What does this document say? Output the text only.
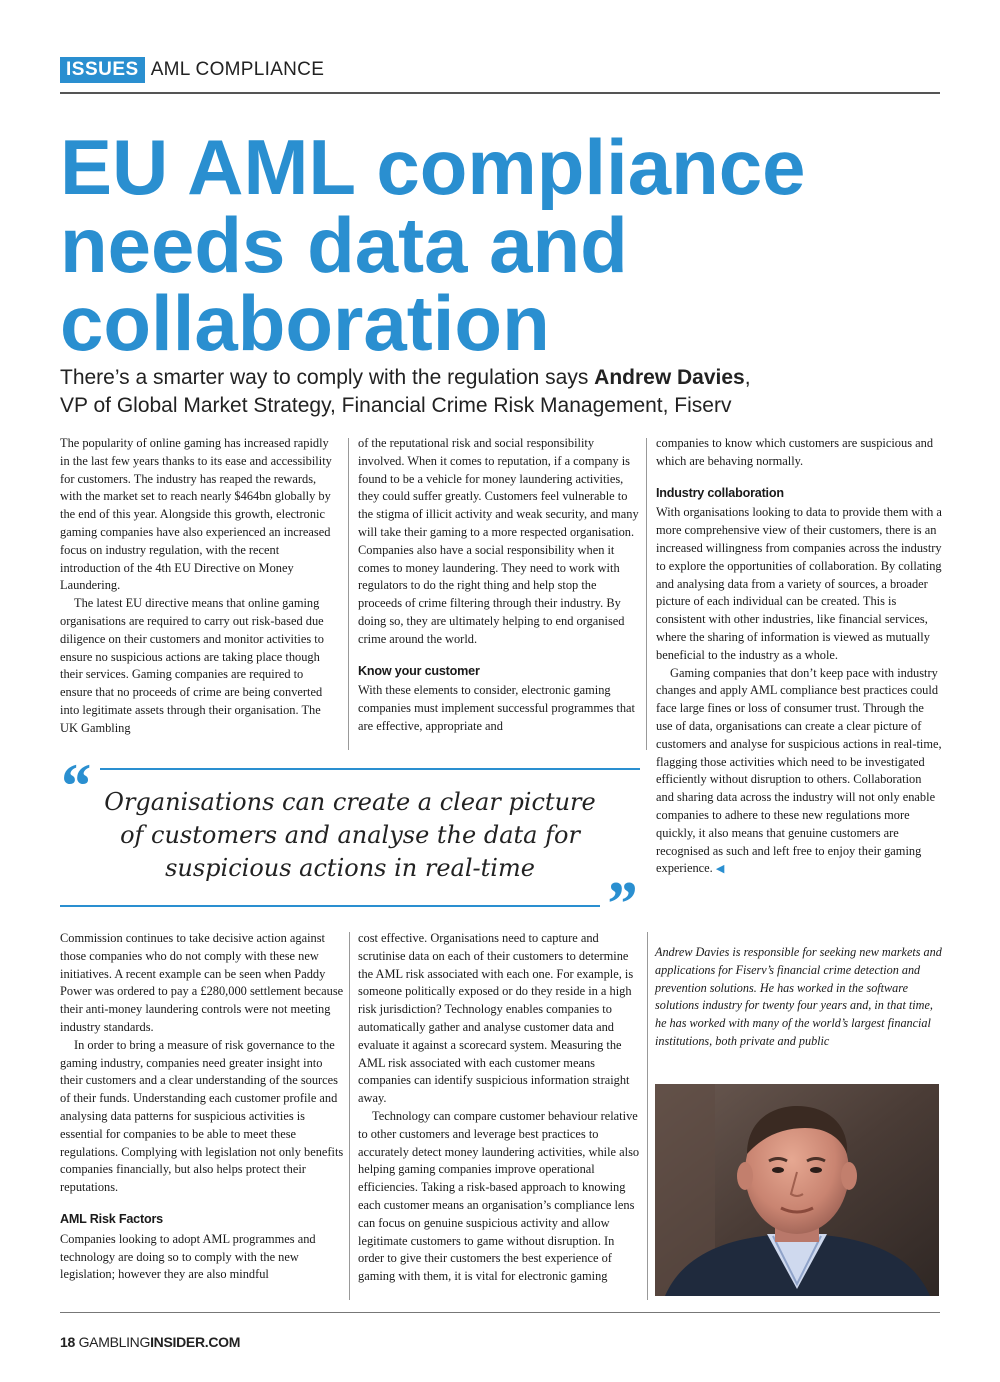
ISSUES AML COMPLIANCE
EU AML compliance
needs data and
collaboration

There’s a smarter way to comply with the regulation says Andrew Davies,
VP of Global Market Strategy, Financial Crime Risk Management, Fiserv

The popularity of online gaming has increased rapidly in the last few years thanks to its ease and accessibility for customers. The industry has reaped the rewards, with the market set to reach nearly $464bn globally by the end of this year. Alongside this growth, electronic gaming companies have also experienced an increased focus on industry regulation, with the recent introduction of the 4th EU Directive on Money Laundering.

The latest EU directive means that online gaming organisations are required to carry out risk-based due diligence on their customers and monitor activities to ensure no suspicious actions are taking place though their services. Gaming companies are required to ensure that no proceeds of crime are being converted into legitimate assets through their organisation. The UK Gambling

of the reputational risk and social responsibility involved. When it comes to reputation, if a company is found to be a vehicle for money laundering activities, they could suffer greatly. Customers feel vulnerable to the stigma of illicit activity and weak security, and many will take their gaming to a more respected organisation. Companies also have a social responsibility when it comes to money laundering. They need to work with regulators to do the right thing and help stop the proceeds of crime filtering through their industry. By doing so, they are ultimately helping to end organised crime around the world.

Know your customer

With these elements to consider, electronic gaming companies must implement successful programmes that are effective, appropriate and

companies to know which customers are suspicious and which are behaving normally.

Industry collaboration

With organisations looking to data to provide them with a more comprehensive view of their customers, there is an increased willingness from companies across the industry to explore the opportunities of collaboration. By collating and analysing data from a variety of sources, a broader picture of each individual can be created. This is consistent with other industries, like financial services, where the sharing of information is viewed as mutually beneficial to the industry as a whole.

Gaming companies that don’t keep pace with industry changes and apply AML compliance best practices could face large fines or loss of consumer trust. Through the use of data, organisations can create a clear picture of customers and analyse for suspicious actions in real-time, flagging those activities which need to be investigated efficiently without disruption to others. Collaboration and sharing data across the industry will not only enable companies to adhere to these new regulations more quickly, it also means that genuine customers are recognised as such and left free to enjoy their gaming experience. ◀

“ Organisations can create a clear picture of customers and analyse the data for suspicious actions in real-time	”

Commission continues to take decisive action against those companies who do not comply with these new initiatives. A recent example can be seen when Paddy Power was ordered to pay a £280,000 settlement because their anti-money laundering controls were not meeting industry standards.

In order to bring a measure of risk governance to the gaming industry, companies need greater insight into their customers and a clear understanding of the sources of their funds. Understanding each customer profile and analysing data patterns for suspicious activities is essential for companies to be able to meet these regulations. Complying with legislation not only benefits companies financially, but also helps protect their reputations.

AML Risk Factors

Companies looking to adopt AML programmes and technology are doing so to comply with the new legislation; however they are also mindful

cost effective. Organisations need to capture and scrutinise data on each of their customers to determine the AML risk associated with each one. For example, is someone politically exposed or do they reside in a high risk jurisdiction? Technology enables companies to automatically gather and analyse customer data and evaluate it against a scorecard system. Measuring the AML risk associated with each customer means companies can identify suspicious information straight away.

Technology can compare customer behaviour relative to other customers and leverage best practices to accurately detect money laundering activities, while also helping gaming companies improve operational efficiencies. Taking a risk-based approach to knowing each customer means an organisation’s compliance lens can focus on genuine suspicious activity and allow legitimate customers to game without disruption. In order to give their customers the best experience of gaming with them, it is vital for electronic gaming

Andrew Davies is responsible for seeking new markets and applications for Fiserv’s financial crime detection and prevention solutions. He has worked in the software solutions industry for twenty four years and, in that time, he has worked with many of the world’s largest financial institutions, both private and public

18 GAMBLINGINSIDER.COM
